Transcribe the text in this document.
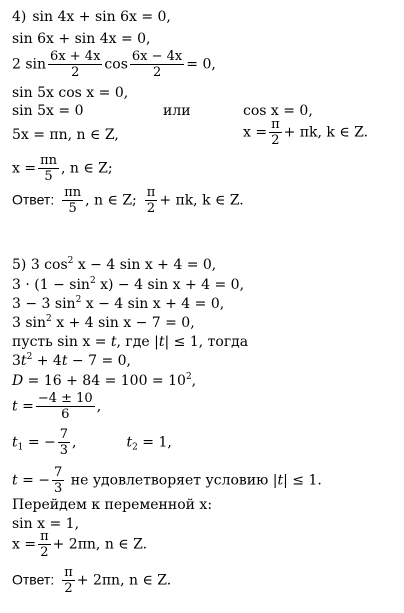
4) sin 4x + sin 6x = 0,
sin 6x + sin 4x = 0,
2 $\sin \frac{6x + 4x}{2}$ $\cos \frac{6x - 4x}{2} = 0$,
sin 5x cos x = 0,
sin 5x = 0	или	cos x = 0,
5x = πn, n ∈ Z,	$x = \frac{\pi}{2} + \pi k$, k ∈ Z.
$x = \frac{\pi n}{5}$ , n ∈ Z;
Ответ: $\frac{\pi n}{5}$ , n ∈ Z; $\frac{\pi}{2} + \pi k$, k ∈ Z.
5) 3 $\cos^2 x - 4$ sin x + 4 = 0,
$3 \cdot (1 - \sin^2 x) - 4$ sin x + 4 = 0,
3 − 3 $\sin^2 x - 4$ sin x + 4 = 0,
3 $\sin^2 x + 4$ sin x − 7 = 0,
пусть sin x = t, где |t| ≤ 1, тогда
$3t^2 + 4t - 7 = 0$,
$D = 16 + 84 = 100 = 10^2$,
$t = \frac{-4 \pm 10}{6}$ ,
$t_1$ = − $\frac{7}{3}$ ,	$t_2 = 1$,
t = − $\frac{7}{3}$ не удовлетворяет условию |t| ≤ 1.
Перейдем к переменной x:
sin x = 1,
$x = \frac{\pi}{2} + 2\pi n$, n ∈ Z.
Ответ: $\frac{\pi}{2} + 2\pi n$, n ∈ Z.
